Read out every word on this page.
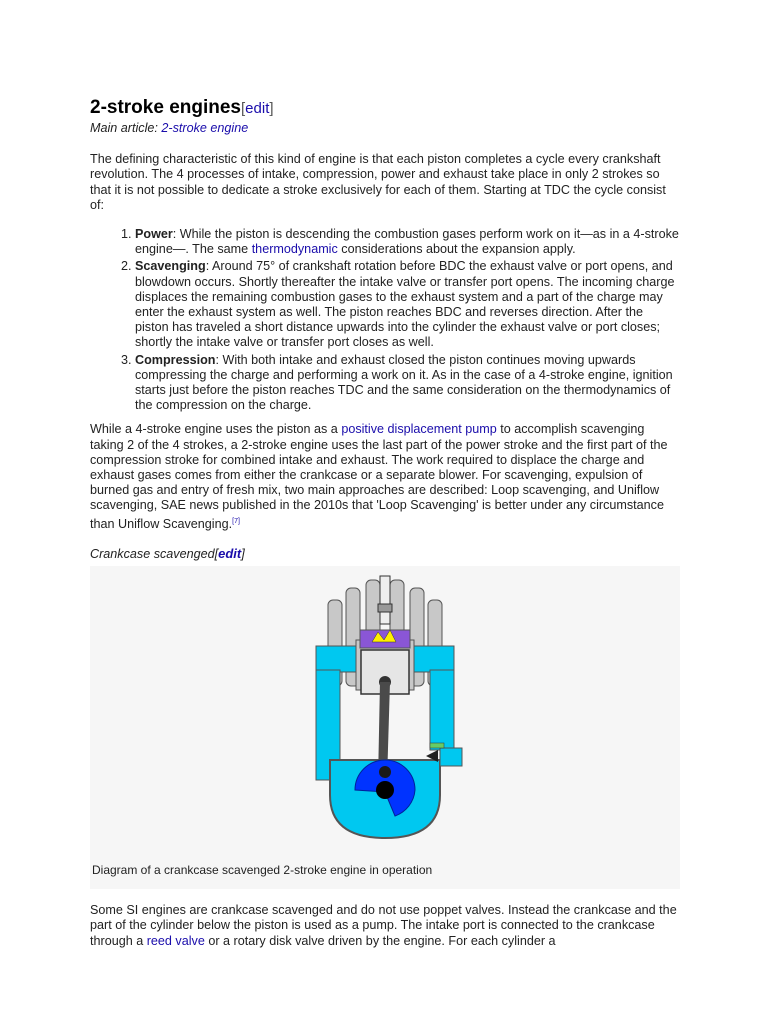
2-stroke engines[edit]
Main article: 2-stroke engine

The defining characteristic of this kind of engine is that each piston completes a cycle every crankshaft revolution. The 4 processes of intake, compression, power and exhaust take place in only 2 strokes so that it is not possible to dedicate a stroke exclusively for each of them. Starting at TDC the cycle consist of:

1. Power: While the piston is descending the combustion gases perform work on it—as in a 4-stroke engine—. The same thermodynamic considerations about the expansion apply.
2. Scavenging: Around 75° of crankshaft rotation before BDC the exhaust valve or port opens, and blowdown occurs. Shortly thereafter the intake valve or transfer port opens. The incoming charge displaces the remaining combustion gases to the exhaust system and a part of the charge may enter the exhaust system as well. The piston reaches BDC and reverses direction. After the piston has traveled a short distance upwards into the cylinder the exhaust valve or port closes; shortly the intake valve or transfer port closes as well.
3. Compression: With both intake and exhaust closed the piston continues moving upwards compressing the charge and performing a work on it. As in the case of a 4-stroke engine, ignition starts just before the piston reaches TDC and the same consideration on the thermodynamics of the compression on the charge.

While a 4-stroke engine uses the piston as a positive displacement pump to accomplish scavenging taking 2 of the 4 strokes, a 2-stroke engine uses the last part of the power stroke and the first part of the compression stroke for combined intake and exhaust. The work required to displace the charge and exhaust gases comes from either the crankcase or a separate blower. For scavenging, expulsion of burned gas and entry of fresh mix, two main approaches are described: Loop scavenging, and Uniflow scavenging, SAE news published in the 2010s that 'Loop Scavenging' is better under any circumstance than Uniflow Scavenging.[7]

Crankcase scavenged[edit]
Diagram of a crankcase scavenged 2-stroke engine in operation

Some SI engines are crankcase scavenged and do not use poppet valves. Instead the crankcase and the part of the cylinder below the piston is used as a pump. The intake port is connected to the crankcase through a reed valve or a rotary disk valve driven by the engine. For each cylinder a
